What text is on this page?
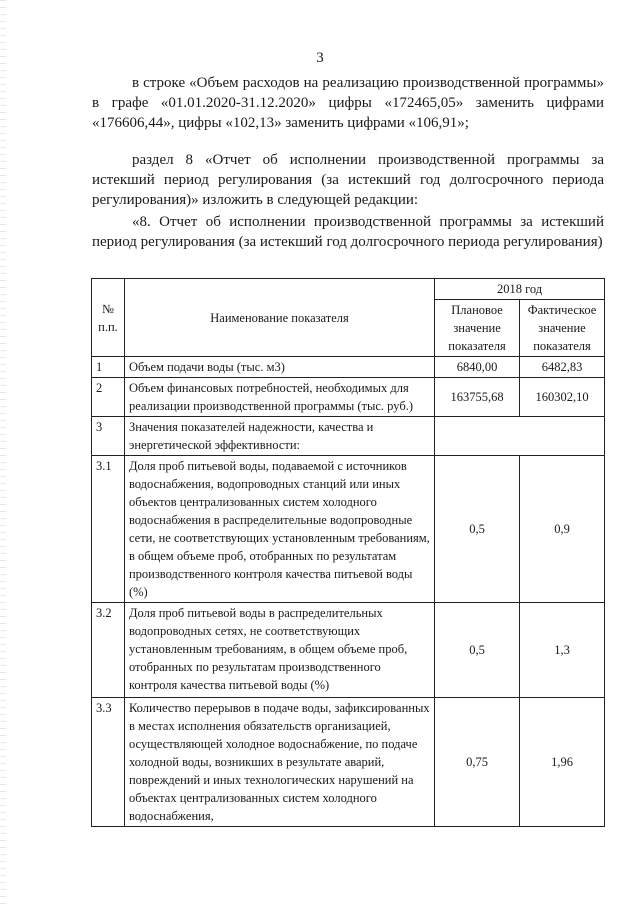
3

в строке «Объем расходов на реализацию производственной программы» в графе «01.01.2020-31.12.2020» цифры «172465,05» заменить цифрами «176606,44», цифры «102,13» заменить цифрами «106,91»;

раздел 8 «Отчет об исполнении производственной программы за истекший период регулирования (за истекший год долгосрочного периода регулирования)» изложить в следующей редакции:

«8. Отчет об исполнении производственной программы за истекший период регулирования (за истекший год долгосрочного периода регулирования)

№ п.п.	Наименование показателя	2018 год	
		Плановое значение показателя	Фактическое значение показателя
1	Объем подачи воды (тыс. м3)	6840,00	6482,83
2	Объем финансовых потребностей, необходимых для реализации производственной программы (тыс. руб.)	163755,68	160302,10
3	Значения показателей надежности, качества и энергетической эффективности:		
3.1	Доля проб питьевой воды, подаваемой с источников водоснабжения, водопроводных станций или иных объектов централизованных систем холодного водоснабжения в распределительные водопроводные сети, не соответствующих установленным требованиям, в общем объеме проб, отобранных по результатам производственного контроля качества питьевой воды (%)	0,5	0,9
3.2	Доля проб питьевой воды в распределительных водопроводных сетях, не соответствующих установленным требованиям, в общем объеме проб, отобранных по результатам производственного контроля качества питьевой воды (%)	0,5	1,3
3.3	Количество перерывов в подаче воды, зафиксированных в местах исполнения обязательств организацией, осуществляющей холодное водоснабжение, по подаче холодной воды, возникших в результате аварий, повреждений и иных технологических нарушений на объектах централизованных систем холодного водоснабжения,	0,75	1,96
